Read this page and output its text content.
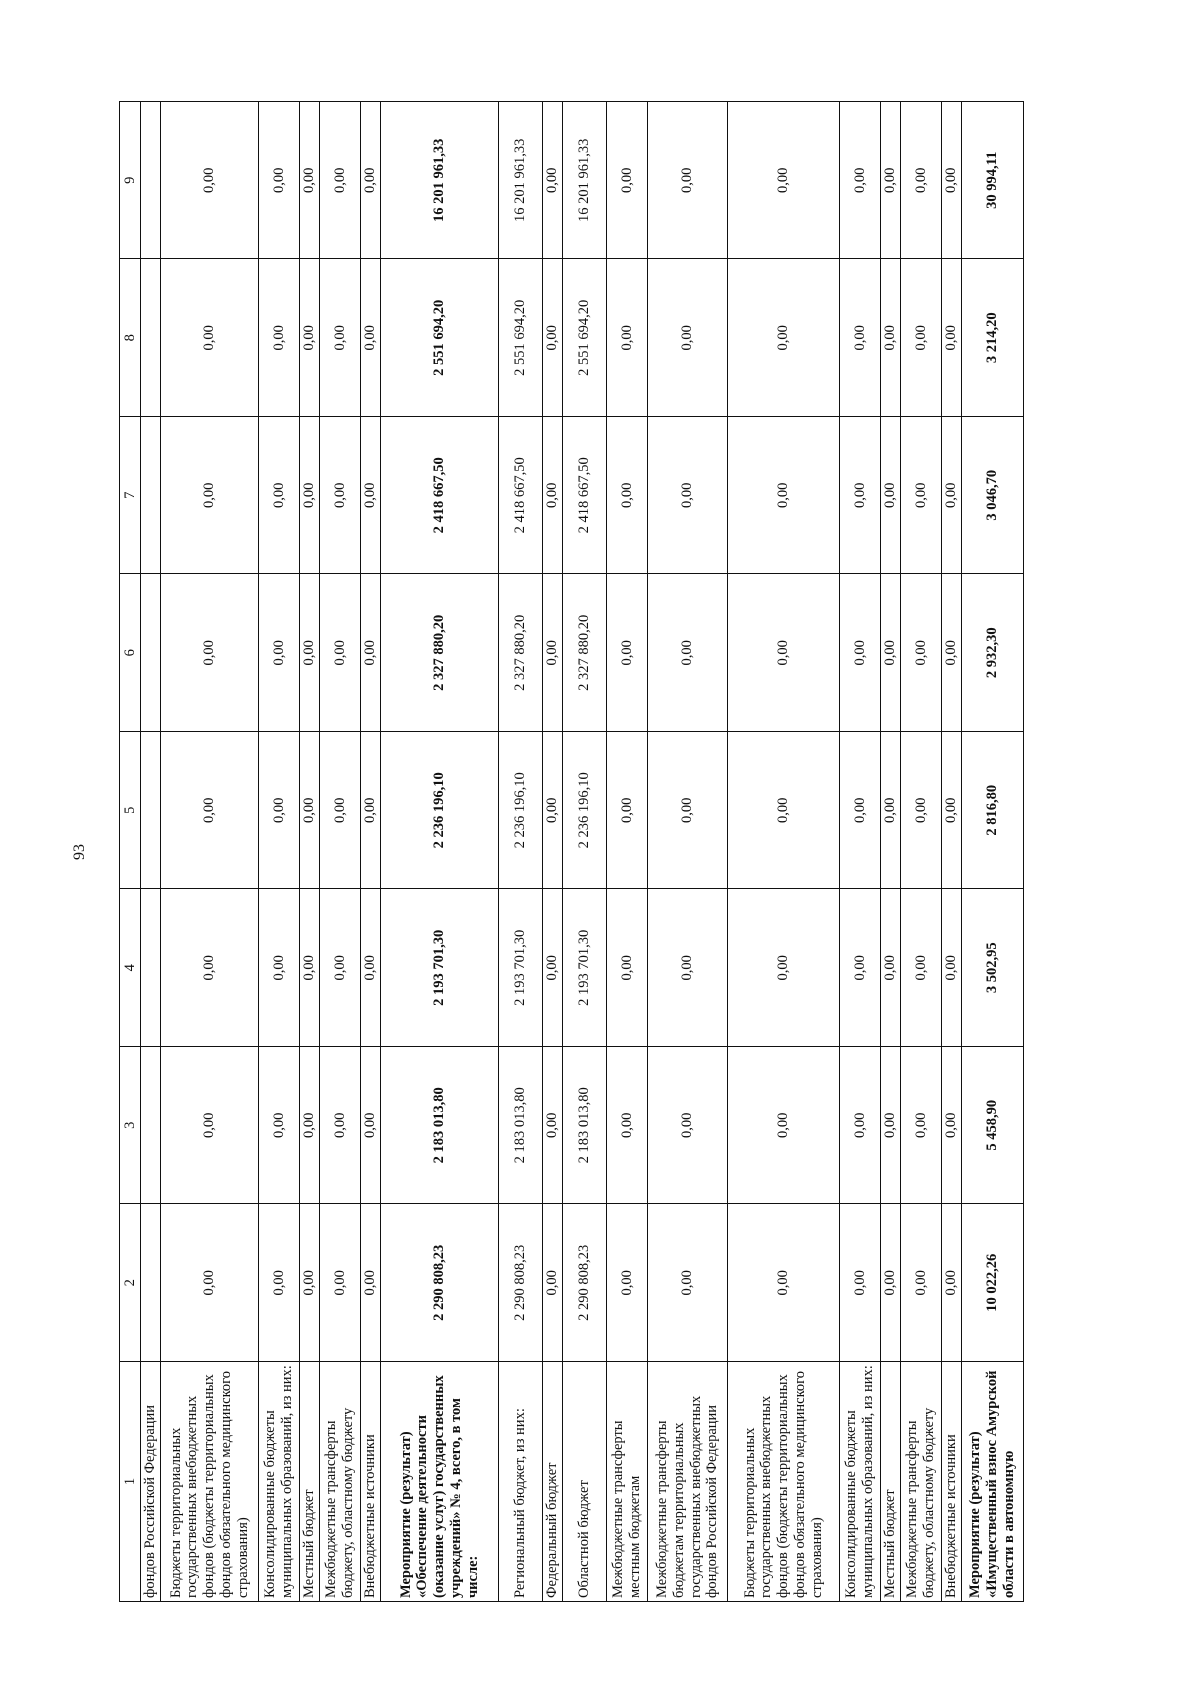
93
1	2	3	4	5	6	7	8	9
фондов Российской Федерации								
Бюджеты территориальных государственных внебюджетных фондов (бюджеты территориальных фондов обязательного медицинского страхования)	0,00	0,00	0,00	0,00	0,00	0,00	0,00	0,00
Консолидированные бюджеты муниципальных образований, из них:	0,00	0,00	0,00	0,00	0,00	0,00	0,00	0,00
Местный бюджет	0,00	0,00	0,00	0,00	0,00	0,00	0,00	0,00
Межбюджетные трансферты бюджету, областному бюджету	0,00	0,00	0,00	0,00	0,00	0,00	0,00	0,00
Внебюджетные источники	0,00	0,00	0,00	0,00	0,00	0,00	0,00	0,00
Мероприятие (результат) «Обеспечение деятельности (оказание услуг) государственных учреждений» № 4, всего, в том числе:	2 290 808,23	2 183 013,80	2 193 701,30	2 236 196,10	2 327 880,20	2 418 667,50	2 551 694,20	16 201 961,33
Региональный бюджет, из них:	2 290 808,23	2 183 013,80	2 193 701,30	2 236 196,10	2 327 880,20	2 418 667,50	2 551 694,20	16 201 961,33
Федеральный бюджет	0,00	0,00	0,00	0,00	0,00	0,00	0,00	0,00
Областной бюджет	2 290 808,23	2 183 013,80	2 193 701,30	2 236 196,10	2 327 880,20	2 418 667,50	2 551 694,20	16 201 961,33
Межбюджетные трансферты местным бюджетам	0,00	0,00	0,00	0,00	0,00	0,00	0,00	0,00
Межбюджетные трансферты бюджетам территориальных государственных внебюджетных фондов Российской Федерации	0,00	0,00	0,00	0,00	0,00	0,00	0,00	0,00
Бюджеты территориальных государственных внебюджетных фондов (бюджеты территориальных фондов обязательного медицинского страхования)	0,00	0,00	0,00	0,00	0,00	0,00	0,00	0,00
Консолидированные бюджеты муниципальных образований, из них:	0,00	0,00	0,00	0,00	0,00	0,00	0,00	0,00
Местный бюджет	0,00	0,00	0,00	0,00	0,00	0,00	0,00	0,00
Межбюджетные трансферты бюджету, областному бюджету	0,00	0,00	0,00	0,00	0,00	0,00	0,00	0,00
Внебюджетные источники	0,00	0,00	0,00	0,00	0,00	0,00	0,00	0,00
Мероприятие (результат) «Имущественный взнос Амурской области в автономную	10 022,26	5 458,90	3 502,95	2 816,80	2 932,30	3 046,70	3 214,20	30 994,11
